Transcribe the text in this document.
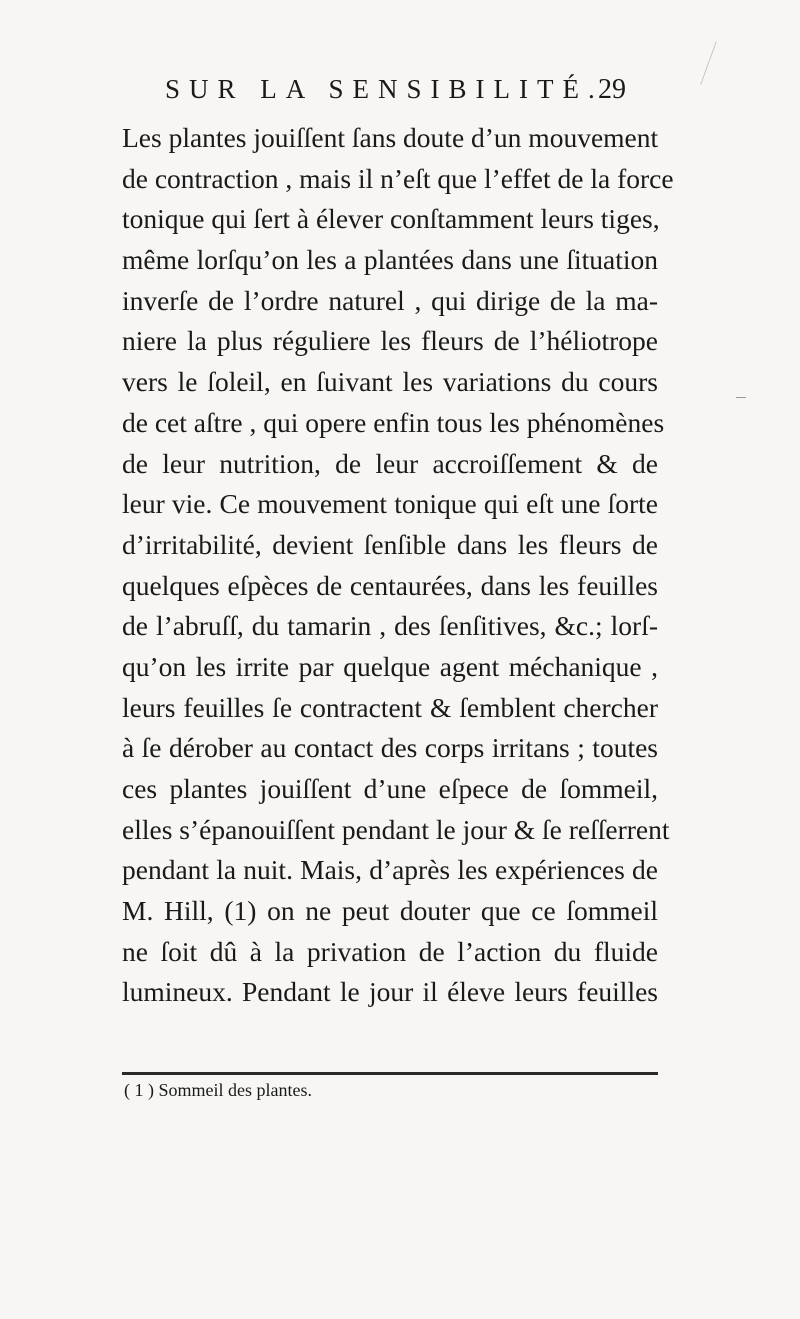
SUR LA SENSIBILITÉ.
29
Les plantes jouiſſent ſans doute d’un mouvement
de contraction , mais il n’eſt que l’effet de la force
tonique qui ſert à élever conſtamment leurs tiges,
même lorſqu’on les a plantées dans une ſituation
inverſe de l’ordre naturel , qui dirige de la ma-
niere la plus réguliere les fleurs de l’héliotrope
vers le ſoleil, en ſuivant les variations du cours
de cet aſtre , qui opere enfin tous les phénomènes
de leur nutrition, de leur accroiſſement & de
leur vie. Ce mouvement tonique qui eſt une ſorte
d’irritabilité, devient ſenſible dans les fleurs de
quelques eſpèces de centaurées, dans les feuilles
de l’abruſſ, du tamarin , des ſenſitives, &c.; lorſ-
qu’on les irrite par quelque agent méchanique ,
leurs feuilles ſe contractent & ſemblent chercher
à ſe dérober au contact des corps irritans ; toutes
ces plantes jouiſſent d’une eſpece de ſommeil,
elles s’épanouiſſent pendant le jour & ſe reſſerrent
pendant la nuit. Mais, d’après les expériences de
M. Hill, (1) on ne peut douter que ce ſommeil
ne ſoit dû à la privation de l’action du fluide
lumineux. Pendant le jour il éleve leurs feuilles
( 1 ) Sommeil des plantes.
